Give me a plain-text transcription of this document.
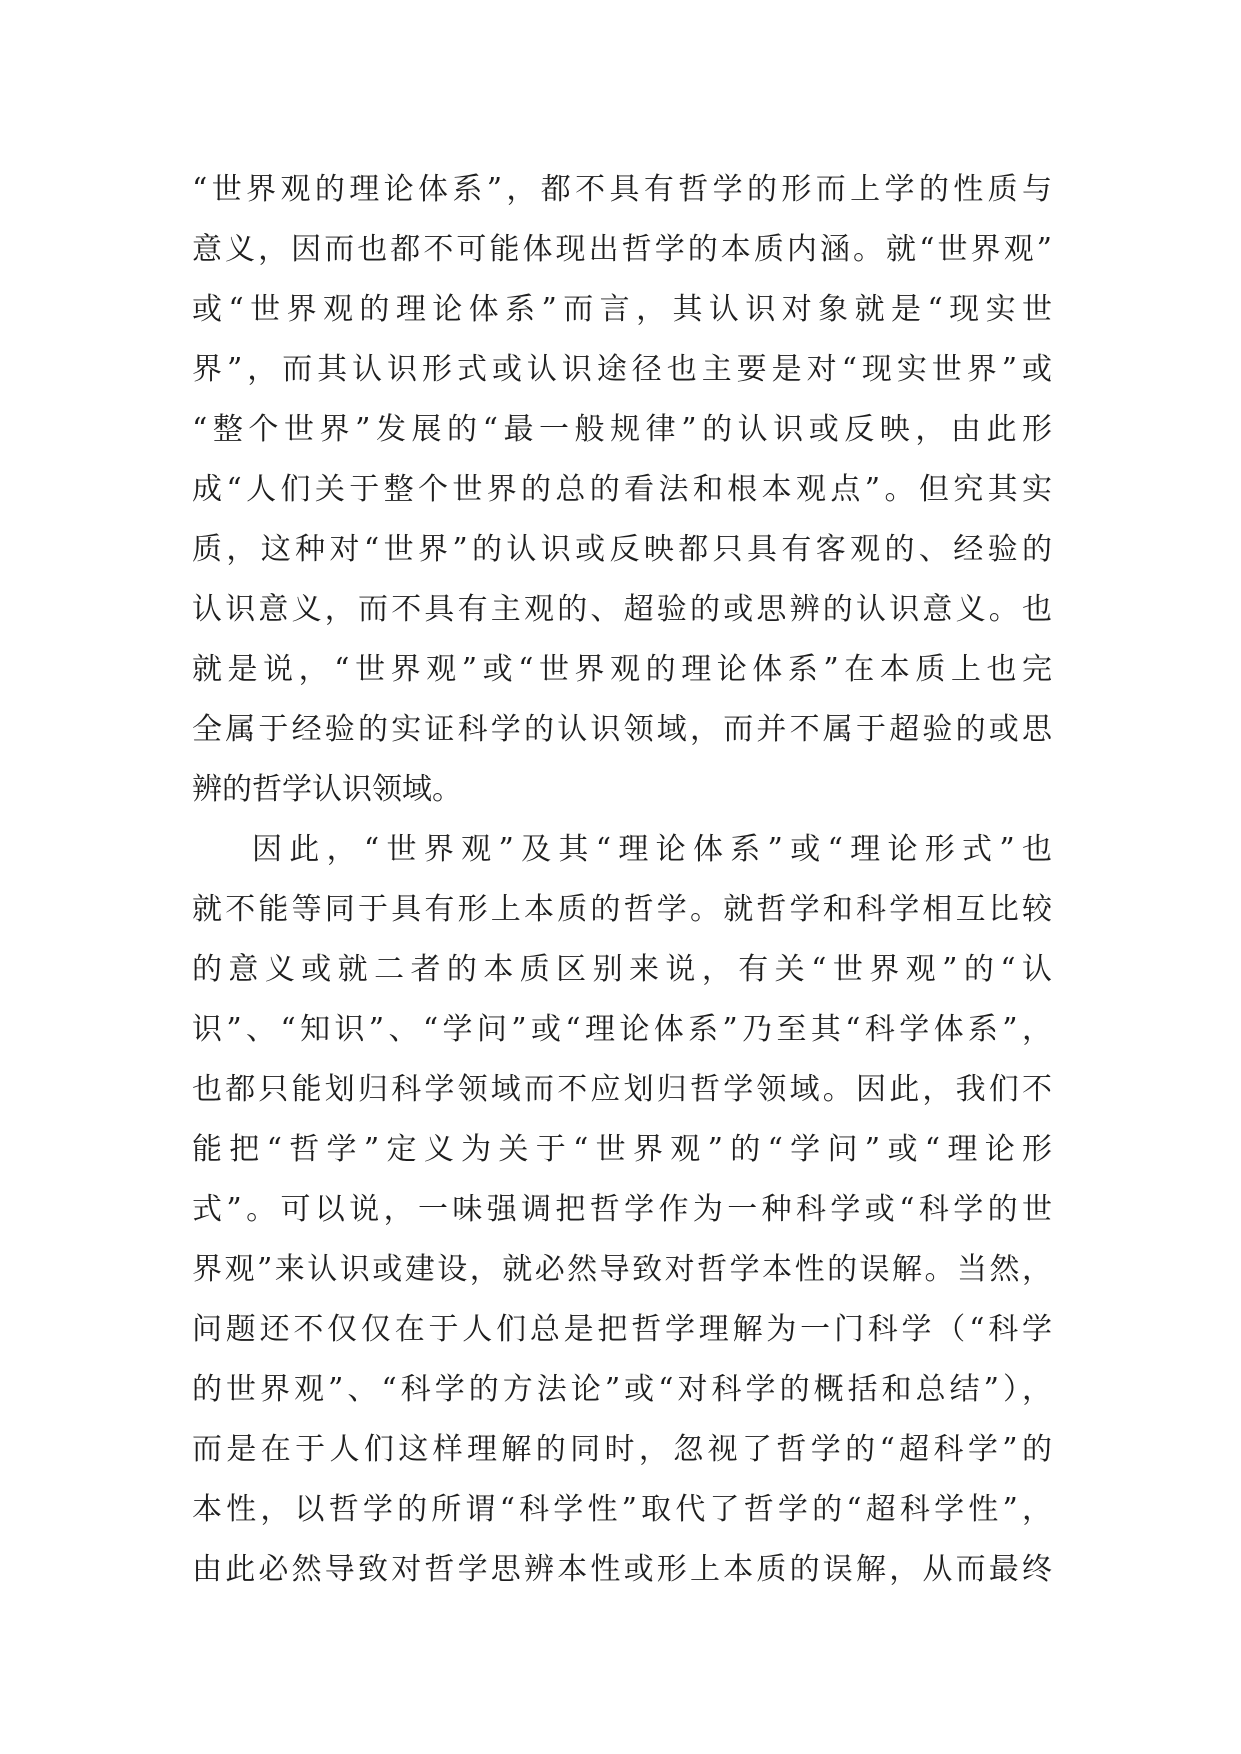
“世界观的理论体系”，都不具有哲学的形而上学的性质与
意义，因而也都不可能体现出哲学的本质内涵。就“世界观”
或“世界观的理论体系”而言，其认识对象就是“现实世
界”，而其认识形式或认识途径也主要是对“现实世界”或
“整个世界”发展的“最一般规律”的认识或反映，由此形
成“人们关于整个世界的总的看法和根本观点”。但究其实
质，这种对“世界”的认识或反映都只具有客观的、经验的
认识意义，而不具有主观的、超验的或思辨的认识意义。也
就是说，“世界观”或“世界观的理论体系”在本质上也完
全属于经验的实证科学的认识领域，而并不属于超验的或思
辨的哲学认识领域。
因此，“世界观”及其“理论体系”或“理论形式”也
就不能等同于具有形上本质的哲学。就哲学和科学相互比较
的意义或就二者的本质区别来说，有关“世界观”的“认
识”、“知识”、“学问”或“理论体系”乃至其“科学体系”，
也都只能划归科学领域而不应划归哲学领域。因此，我们不
能把“哲学”定义为关于“世界观”的“学问”或“理论形
式”。可以说，一味强调把哲学作为一种科学或“科学的世
界观”来认识或建设，就必然导致对哲学本性的误解。当然，
问题还不仅仅在于人们总是把哲学理解为一门科学（“科学
的世界观”、“科学的方法论”或“对科学的概括和总结”），
而是在于人们这样理解的同时，忽视了哲学的“超科学”的
本性，以哲学的所谓“科学性”取代了哲学的“超科学性”，
由此必然导致对哲学思辨本性或形上本质的误解，从而最终
